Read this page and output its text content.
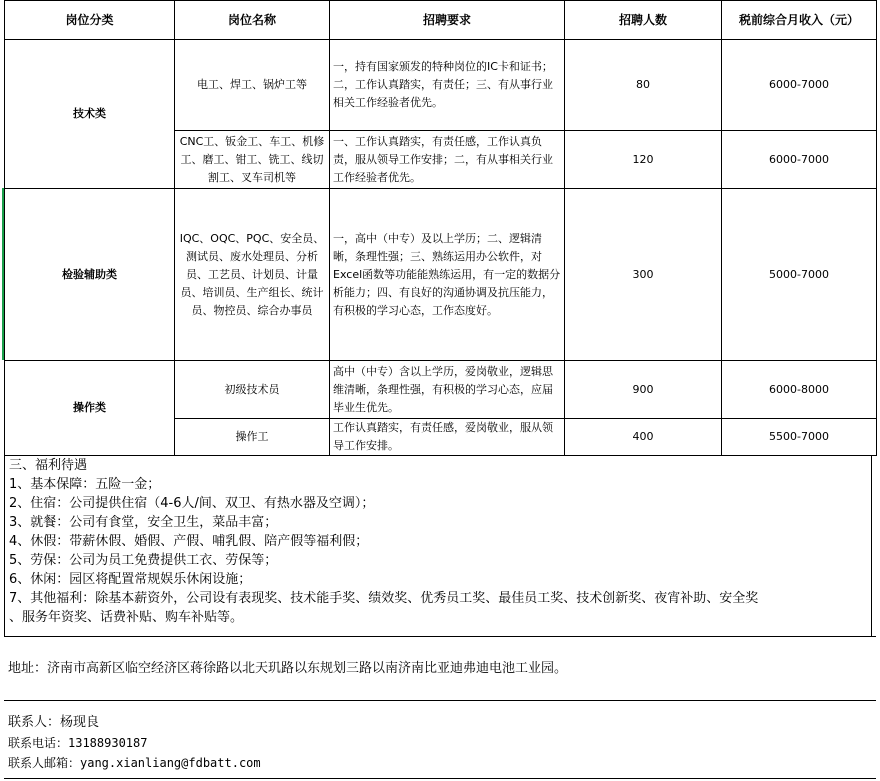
岗位分类	岗位名称	招聘要求	招聘人数	税前综合月收入（元）
技术类	电工、焊工、锅炉工等	一，持有国家颁发的特种岗位的IC卡和证书；二，工作认真踏实，有责任；三、有从事行业相关工作经验者优先。	80	6000-7000
	CNC工、钣金工、车工、机修工、磨工、钳工、铣工、线切割工、叉车司机等	一、工作认真踏实，有责任感，工作认真负责，服从领导工作安排；二，有从事相关行业工作经验者优先。	120	6000-7000
检验辅助类	IQC、OQC、PQC、安全员、测试员、废水处理员、分析员、工艺员、计划员、计量员、培训员、生产组长、统计员、物控员、综合办事员	一，高中（中专）及以上学历；二、逻辑清晰，条理性强；三、熟练运用办公软件，对Excel函数等功能能熟练运用，有一定的数据分析能力；四、有良好的沟通协调及抗压能力，有积极的学习心态，工作态度好。	300	5000-7000
操作类	初级技术员	高中（中专）含以上学历，爱岗敬业，逻辑思维清晰，条理性强，有积极的学习心态，应届毕业生优先。	900	6000-8000
	操作工	工作认真踏实，有责任感，爱岗敬业，服从领导工作安排。	400	5500-7000
三、福利待遇
1、基本保障：五险一金；
2、住宿：公司提供住宿（4-6人/间、双卫、有热水器及空调）；
3、就餐：公司有食堂，安全卫生，菜品丰富；
4、休假：带薪休假、婚假、产假、哺乳假、陪产假等福利假；
5、劳保：公司为员工免费提供工衣、劳保等；
6、休闲：园区将配置常规娱乐休闲设施；
7、其他福利：除基本薪资外，公司设有表现奖、技术能手奖、绩效奖、优秀员工奖、最佳员工奖、技术创新奖、夜宵补助、安全奖
、服务年资奖、话费补贴、购车补贴等。
地址：济南市高新区临空经济区蒋徐路以北天玑路以东规划三路以南济南比亚迪弗迪电池工业园。
联系人：杨现良
联系电话：13188930187
联系人邮箱：yang.xianliang@fdbatt.com
